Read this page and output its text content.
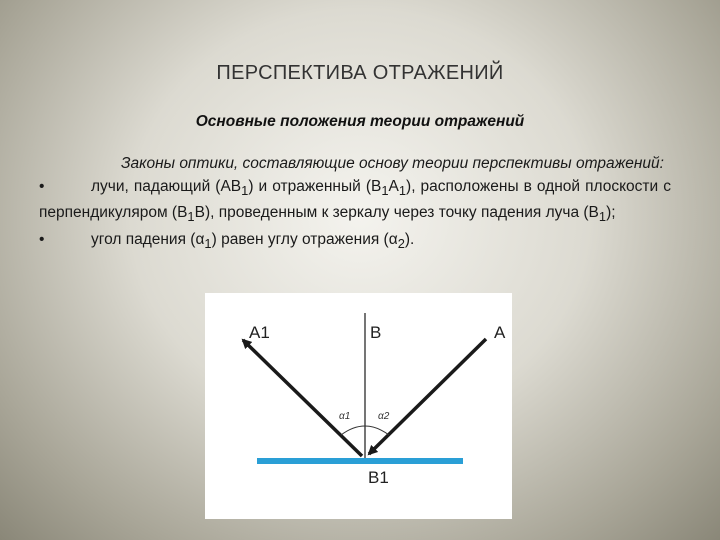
ПЕРСПЕКТИВА ОТРАЖЕНИЙ
Основные положения теории отражений

Законы оптики, составляющие основу теории перспективы отражений:

•	лучи, падающий $(AB_1)$ и отраженный $(B_1A_1)$, расположены в одной плоскости с перпендикуляром $(B_1B)$, проведенным к зеркалу через точку падения луча $(B_1)$;

•	угол падения $(\alpha_1)$ равен углу отражения $(\alpha_2)$.

A1	B	A
B1
α1	α2
